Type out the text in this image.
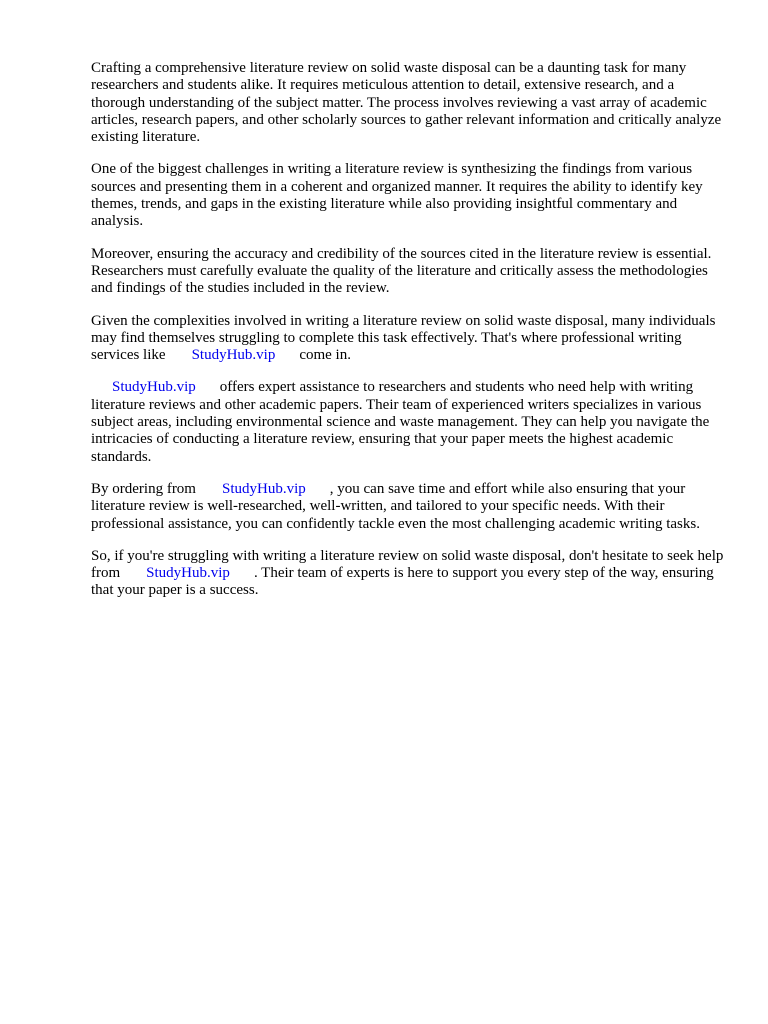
Crafting a comprehensive literature review on solid waste disposal can be a daunting task for many researchers and students alike. It requires meticulous attention to detail, extensive research, and a thorough understanding of the subject matter. The process involves reviewing a vast array of academic articles, research papers, and other scholarly sources to gather relevant information and critically analyze existing literature.

One of the biggest challenges in writing a literature review is synthesizing the findings from various sources and presenting them in a coherent and organized manner. It requires the ability to identify key themes, trends, and gaps in the existing literature while also providing insightful commentary and analysis.

Moreover, ensuring the accuracy and credibility of the sources cited in the literature review is essential. Researchers must carefully evaluate the quality of the literature and critically assess the methodologies and findings of the studies included in the review.

Given the complexities involved in writing a literature review on solid waste disposal, many individuals may find themselves struggling to complete this task effectively. That's where professional writing services like StudyHub.vip come in.

StudyHub.vip offers expert assistance to researchers and students who need help with writing literature reviews and other academic papers. Their team of experienced writers specializes in various subject areas, including environmental science and waste management. They can help you navigate the intricacies of conducting a literature review, ensuring that your paper meets the highest academic standards.

By ordering from StudyHub.vip , you can save time and effort while also ensuring that your literature review is well-researched, well-written, and tailored to your specific needs. With their professional assistance, you can confidently tackle even the most challenging academic writing tasks.

So, if you're struggling with writing a literature review on solid waste disposal, don't hesitate to seek help from StudyHub.vip . Their team of experts is here to support you every step of the way, ensuring that your paper is a success.
